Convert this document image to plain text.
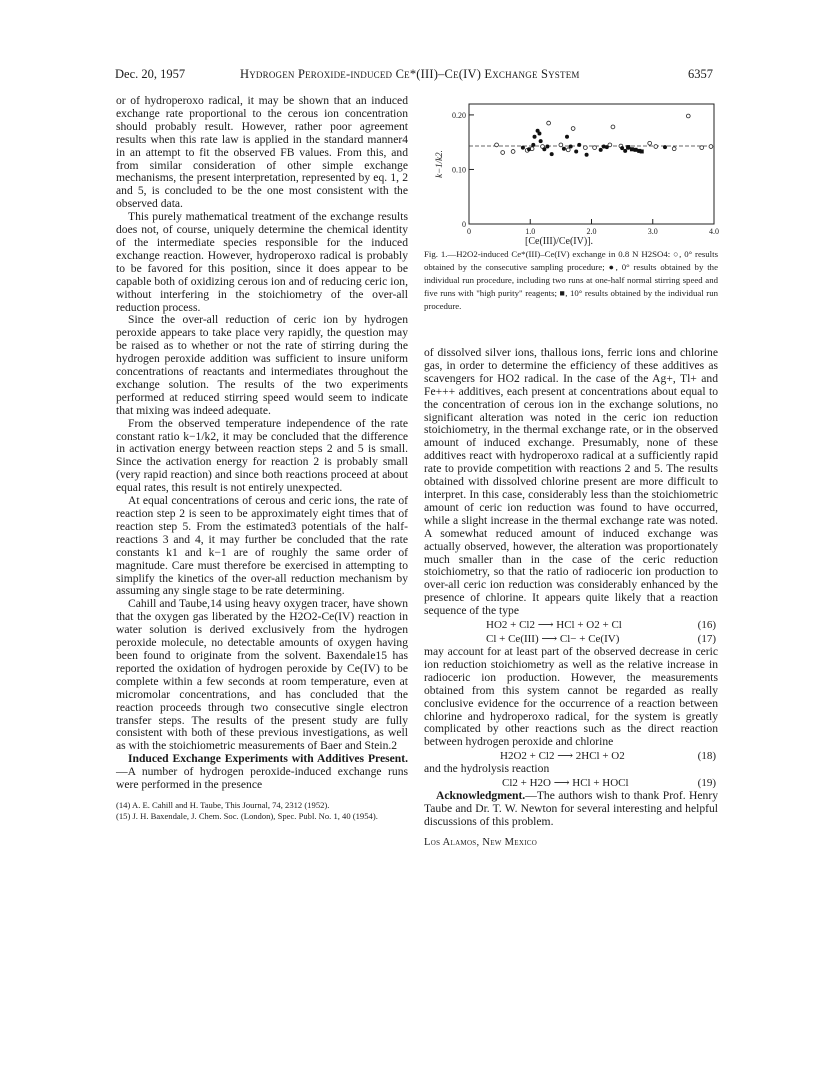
Dec. 20, 1957	Hydrogen Peroxide-induced Ce*(III)–Ce(IV) Exchange System	6357

or of hydroperoxo radical, it may be shown that an induced exchange rate proportional to the cerous ion concentration should probably result. However, rather poor agreement results when this rate law is applied in the standard manner4 in an attempt to fit the observed FB values. From this, and from similar consideration of other simple exchange mechanisms, the present interpretation, represented by eq. 1, 2 and 5, is concluded to be the one most consistent with the observed data.

This purely mathematical treatment of the exchange results does not, of course, uniquely determine the chemical identity of the intermediate species responsible for the induced exchange reaction. However, hydroperoxo radical is probably to be favored for this position, since it does appear to be capable both of oxidizing cerous ion and of reducing ceric ion, without interfering in the stoichiometry of the over-all reduction process.

Since the over-all reduction of ceric ion by hydrogen peroxide appears to take place very rapidly, the question may be raised as to whether or not the rate of stirring during the hydrogen peroxide addition was sufficient to insure uniform concentrations of reactants and intermediates throughout the exchange solution. The results of the two experiments performed at reduced stirring speed would seem to indicate that mixing was indeed adequate.

From the observed temperature independence of the rate constant ratio k−1/k2, it may be concluded that the difference in activation energy between reaction steps 2 and 5 is small. Since the activation energy for reaction 2 is probably small (very rapid reaction) and since both reactions proceed at about equal rates, this result is not entirely unexpected.

At equal concentrations of cerous and ceric ions, the rate of reaction step 2 is seen to be approximately eight times that of reaction step 5. From the estimated3 potentials of the half-reactions 3 and 4, it may further be concluded that the rate constants k1 and k−1 are of roughly the same order of magnitude. Care must therefore be exercised in attempting to simplify the kinetics of the over-all reduction mechanism by assuming any single stage to be rate determining.

Cahill and Taube,14 using heavy oxygen tracer, have shown that the oxygen gas liberated by the H2O2-Ce(IV) reaction in water solution is derived exclusively from the hydrogen peroxide molecule, no detectable amounts of oxygen having been found to originate from the solvent. Baxendale15 has reported the oxidation of hydrogen peroxide by Ce(IV) to be complete within a few seconds at room temperature, even at micromolar concentrations, and has concluded that the reaction proceeds through two consecutive single electron transfer steps. The results of the present study are fully consistent with both of these previous investigations, as well as with the stoichiometric measurements of Baer and Stein.2

Induced Exchange Experiments with Additives Present.—A number of hydrogen peroxide-induced exchange runs were performed in the presence

(14) A. E. Cahill and H. Taube, This Journal, 74, 2312 (1952).
(15) J. H. Baxendale, J. Chem. Soc. (London), Spec. Publ. No. 1, 40 (1954).
0
0.10
0.20
0	1.0	2.0	3.0	4.0
k−1/k2.
[Ce(III)/Ce(IV)].
Fig. 1.—H2O2-induced Ce*(III)–Ce(IV) exchange in 0.8 N H2SO4: ○, 0° results obtained by the consecutive sampling procedure; ●, 0° results obtained by the individual run procedure, including two runs at one-half normal stirring speed and five runs with "high purity" reagents; ■, 10° results obtained by the individual run procedure.

of dissolved silver ions, thallous ions, ferric ions and chlorine gas, in order to determine the efficiency of these additives as scavengers for HO2 radical. In the case of the Ag+, Tl+ and Fe+++ additives, each present at concentrations about equal to the concentration of cerous ion in the exchange solutions, no significant alteration was noted in the ceric ion reduction stoichiometry, in the thermal exchange rate, or in the observed amount of induced exchange. Presumably, none of these additives react with hydroperoxo radical at a sufficiently rapid rate to provide competition with reactions 2 and 5. The results obtained with dissolved chlorine present are more difficult to interpret. In this case, considerably less than the stoichiometric amount of ceric ion reduction was found to have occurred, while a slight increase in the thermal exchange rate was noted. A somewhat reduced amount of induced exchange was actually observed, however, the alteration was proportionately much smaller than in the case of the ceric reduction stoichiometry, so that the ratio of radioceric ion production to over-all ceric ion reduction was considerably enhanced by the presence of chlorine. It appears quite likely that a reaction sequence of the type

HO2 + Cl2 ⟶ HCl + O2 + Cl	(16)
Cl + Ce(III) ⟶ Cl− + Ce(IV)	(17)

may account for at least part of the observed decrease in ceric ion reduction stoichiometry as well as the relative increase in radioceric ion production. However, the measurements obtained from this system cannot be regarded as really conclusive evidence for the occurrence of a reaction between chlorine and hydroperoxo radical, for the system is greatly complicated by other reactions such as the direct reaction between hydrogen peroxide and chlorine

H2O2 + Cl2 ⟶ 2HCl + O2	(18)

and the hydrolysis reaction

Cl2 + H2O ⟶ HCl + HOCl	(19)

Acknowledgment.—The authors wish to thank Prof. Henry Taube and Dr. T. W. Newton for several interesting and helpful discussions of this problem.

Los Alamos, New Mexico
